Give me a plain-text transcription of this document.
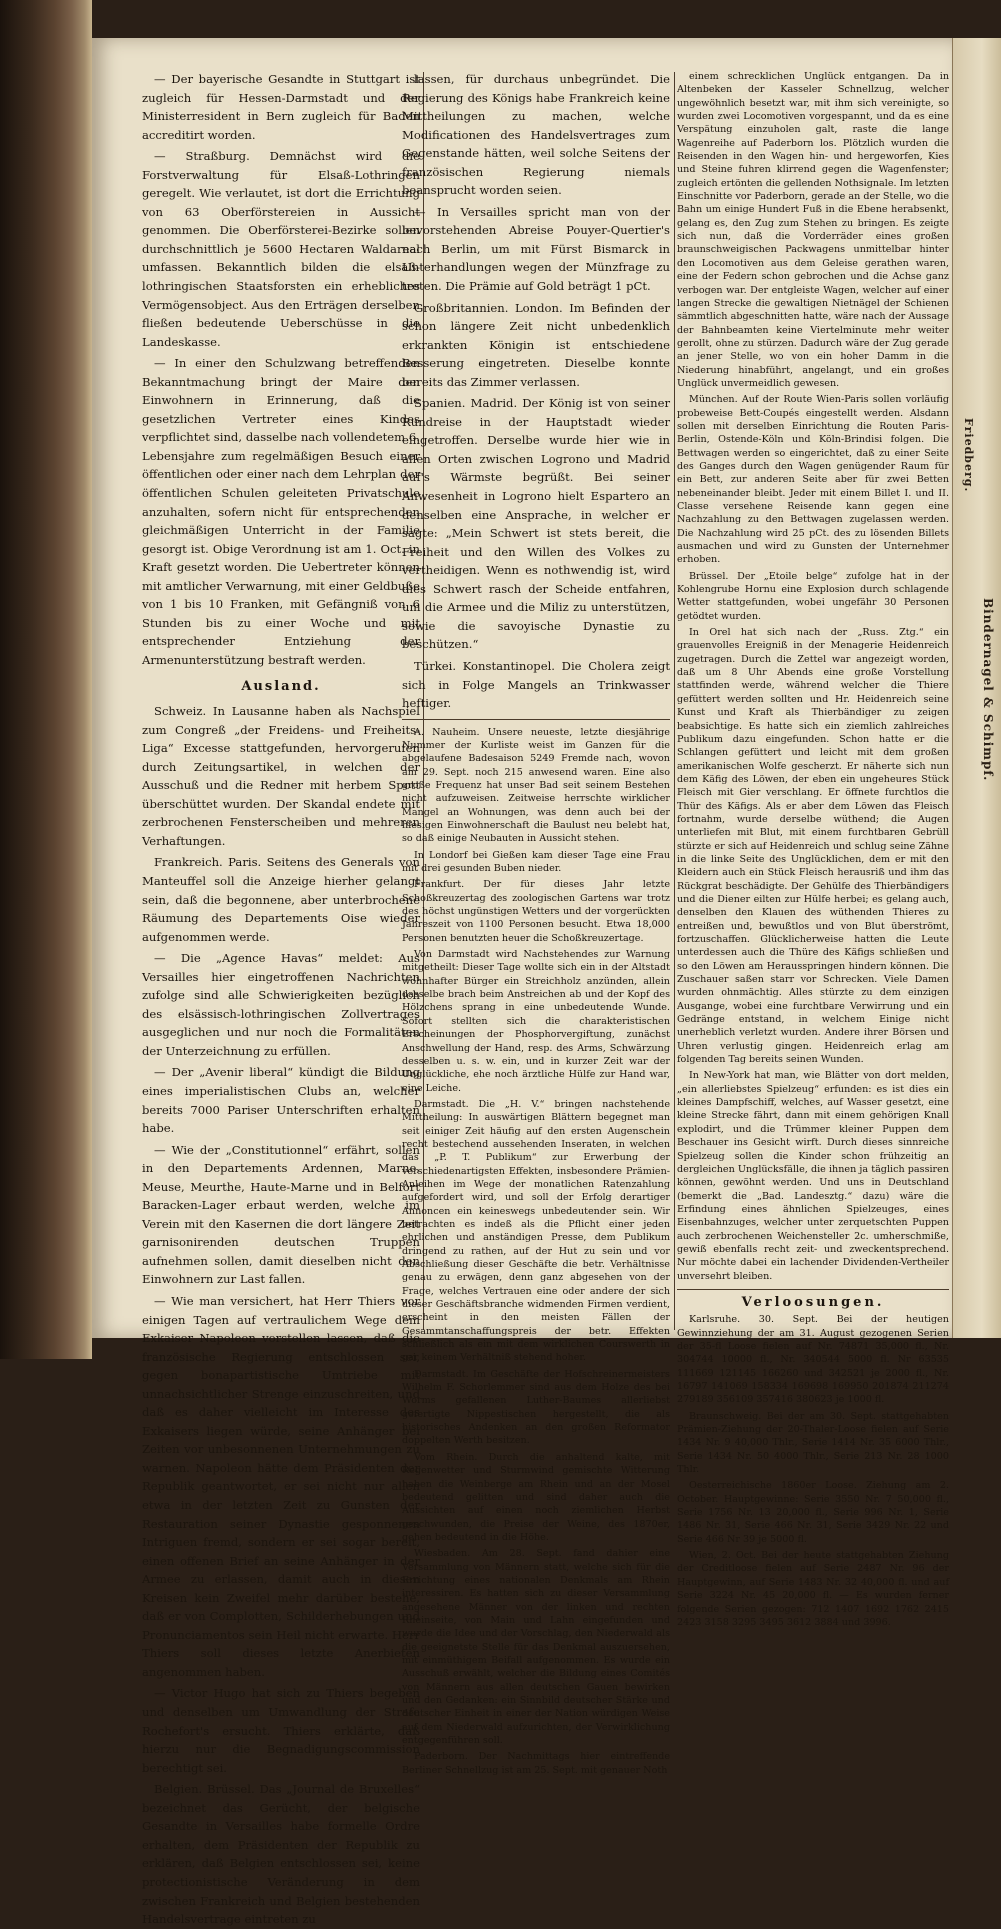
— Der bayerische Gesandte in Stuttgart ist zugleich für Hessen-Darmstadt und der Ministerresident in Bern zugleich für Baden accreditirt worden.

— Straßburg. Demnächst wird die Forstverwaltung für Elsaß-Lothringen geregelt. Wie verlautet, ist dort die Errichtung von 63 Oberförstereien in Aussicht genommen. Die Oberförsterei-Bezirke sollen durchschnittlich je 5600 Hectaren Waldareal umfassen. Bekanntlich bilden die elsaß-lothringischen Staatsforsten ein erhebliches Vermögensobject. Aus den Erträgen derselben fließen bedeutende Ueberschüsse in die Landeskasse.

— In einer den Schulzwang betreffenden Bekanntmachung bringt der Maire den Einwohnern in Erinnerung, daß die gesetzlichen Vertreter eines Kindes verpflichtet sind, dasselbe nach vollendetem 6. Lebensjahre zum regelmäßigen Besuch einer öffentlichen oder einer nach dem Lehrplan der öffentlichen Schulen geleiteten Privatschule anzuhalten, sofern nicht für entsprechenden gleichmäßigen Unterricht in der Familie gesorgt ist. Obige Verordnung ist am 1. Oct. in Kraft gesetzt worden. Die Uebertreter können mit amtlicher Verwarnung, mit einer Geldbuße von 1 bis 10 Franken, mit Gefängniß von 6 Stunden bis zu einer Woche und mit entsprechender Entziehung der Armenunterstützung bestraft werden.

Ausland.

Schweiz. In Lausanne haben als Nachspiel zum Congreß „der Freidens- und Freiheits-Liga“ Excesse stattgefunden, hervorgerufen durch Zeitungsartikel, in welchen der Ausschuß und die Redner mit herbem Spott überschüttet wurden. Der Skandal endete mit zerbrochenen Fensterscheiben und mehreren Verhaftungen.

Frankreich. Paris. Seitens des Generals von Manteuffel soll die Anzeige hierher gelangt sein, daß die begonnene, aber unterbrochene Räumung des Departements Oise wieder aufgenommen werde.

— Die „Agence Havas“ meldet: Aus Versailles hier eingetroffenen Nachrichten zufolge sind alle Schwierigkeiten bezüglich des elsässisch-lothringischen Zollvertrages ausgeglichen und nur noch die Formalitäten der Unterzeichnung zu erfüllen.

— Der „Avenir liberal“ kündigt die Bildung eines imperialistischen Clubs an, welcher bereits 7000 Pariser Unterschriften erhalten habe.

— Wie der „Constitutionnel“ erfährt, sollen in den Departements Ardennen, Marne, Meuse, Meurthe, Haute-Marne und in Belfort Baracken-Lager erbaut werden, welche im Verein mit den Kasernen die dort längere Zeit garnisonirenden deutschen Truppen aufnehmen sollen, damit dieselben nicht den Einwohnern zur Last fallen.

— Wie man versichert, hat Herr Thiers vor einigen Tagen auf vertraulichem Wege dem Exkaiser Napoleon vorstellen lassen, daß die französische Regierung entschlossen sei, gegen bonapartistische Umtriebe mit unnachsichtlicher Strenge einzuschreiten, und daß es daher vielleicht im Interesse des Exkaisers liegen würde, seine Anhänger bei Zeiten vor unbesonnenen Unternehmungen zu warnen. Napoleon hätte dem Präsidenten der Republik geantwortet, er sei nicht nur allen etwa in der letzten Zeit zu Gunsten der Restauration seiner Dynastie gesponnenen Intriguen fremd, sondern er sei sogar bereit, einen offenen Brief an seine Anhänger in der Armee zu erlassen, damit auch in diesen Kreisen kein Zweifel mehr darüber bestehe, daß er von Complotten, Schilderhebungen und Pronunciamentos sein Heil nicht erwarte. Herr Thiers soll dieses letzte Anerbieten angenommen haben.

— Victor Hugo hat sich zu Thiers begeben und denselben um Umwandlung der Strafe Rochefort's ersucht. Thiers erklärte, daß hierzu nur die Begnadigungscommission berechtigt sei.

Belgien. Brüssel. Das „Journal de Bruxelles“ bezeichnet das Gerücht, der belgische Gesandte in Versailles habe formelle Ordre erhalten, dem Präsidenten der Republik zu erklären, daß Belgien entschlossen sei, keine protectionistische Veränderung in dem zwischen Frankreich und Belgien bestehenden Handelsvertrage eintreten zu

lassen, für durchaus unbegründet. Die Regierung des Königs habe Frankreich keine Mittheilungen zu machen, welche Modificationen des Handelsvertrages zum Gegenstande hätten, weil solche Seitens der französischen Regierung niemals beansprucht worden seien.

— In Versailles spricht man von der bevorstehenden Abreise Pouyer-Quertier's nach Berlin, um mit Fürst Bismarck in Unterhandlungen wegen der Münzfrage zu treten. Die Prämie auf Gold beträgt 1 pCt.

Großbritannien. London. Im Befinden der schon längere Zeit nicht unbedenklich erkrankten Königin ist entschiedene Besserung eingetreten. Dieselbe konnte bereits das Zimmer verlassen.

Spanien. Madrid. Der König ist von seiner Rundreise in der Hauptstadt wieder eingetroffen. Derselbe wurde hier wie in allen Orten zwischen Logrono und Madrid auf's Wärmste begrüßt. Bei seiner Anwesenheit in Logrono hielt Espartero an denselben eine Ansprache, in welcher er sagte: „Mein Schwert ist stets bereit, die Freiheit und den Willen des Volkes zu vertheidigen. Wenn es nothwendig ist, wird dies Schwert rasch der Scheide entfahren, um die Armee und die Miliz zu unterstützen, sowie die savoyische Dynastie zu beschützen.“

Türkei. Konstantinopel. Die Cholera zeigt sich in Folge Mangels an Trinkwasser heftiger.

A. Nauheim. Unsere neueste, letzte diesjährige Nummer der Kurliste weist im Ganzen für die abgelaufene Badesaison 5249 Fremde nach, wovon am 29. Sept. noch 215 anwesend waren. Eine also große Frequenz hat unser Bad seit seinem Bestehen nicht aufzuweisen. Zeitweise herrschte wirklicher Mangel an Wohnungen, was denn auch bei der hiesigen Einwohnerschaft die Baulust neu belebt hat, so daß einige Neubauten in Aussicht stehen.

In Londorf bei Gießen kam dieser Tage eine Frau mit drei gesunden Buben nieder.

Frankfurt. Der für dieses Jahr letzte Schoßkreuzertag des zoologischen Gartens war trotz des höchst ungünstigen Wetters und der vorgerückten Jahreszeit von 1100 Personen besucht. Etwa 18,000 Personen benutzten heuer die Schoßkreuzertage.

Von Darmstadt wird Nachstehendes zur Warnung mitgetheilt: Dieser Tage wollte sich ein in der Altstadt wohnhafter Bürger ein Streichholz anzünden, allein dasselbe brach beim Anstreichen ab und der Kopf des Hölzchens sprang in eine unbedeutende Wunde. Sofort stellten sich die charakteristischen Erscheinungen der Phosphorvergiftung, zunächst Anschwellung der Hand, resp. des Arms, Schwärzung desselben u. s. w. ein, und in kurzer Zeit war der Unglückliche, ehe noch ärztliche Hülfe zur Hand war, eine Leiche.

Darmstadt. Die „H. V.“ bringen nachstehende Mittheilung: In auswärtigen Blättern begegnet man seit einiger Zeit häufig auf den ersten Augenschein recht bestechend aussehenden Inseraten, in welchen das „P. T. Publikum“ zur Erwerbung der verschiedenartigsten Effekten, insbesondere Prämien-Anleihen im Wege der monatlichen Ratenzahlung aufgefordert wird, und soll der Erfolg derartiger Annoncen ein keineswegs unbedeutender sein. Wir betrachten es indeß als die Pflicht einer jeden ehrlichen und anständigen Presse, dem Publikum dringend zu rathen, auf der Hut zu sein und vor Abschließung dieser Geschäfte die betr. Verhältnisse genau zu erwägen, denn ganz abgesehen von der Frage, welches Vertrauen eine oder andere der sich dieser Geschäftsbranche widmenden Firmen verdient, erscheint in den meisten Fällen der Gesammtanschaffungspreis der betr. Effekten schließlich als ein mit dem wirklichen Courswerth in gar keinem Verhältniß stehend hoher.

Darmstadt. Im Geschäfte der Hofschreinermeisters Wilhelm F. Schorlemmer sind aus dem Holze des bei Worms gefallenen Luther-Baumes allerliebst gefertigte Nippestischen hergestellt, die als historisches Andenken an den großen Reformator doppelten Werth besitzen.

Vom Rhein. Durch die anhaltend kalte, mit Regenwetter und Sturmwind gemischte Witterung haben die Weinberge am Rhein und an der Mosel bedeutend gelitten und sind daher auch die Aussichten auf einen noch ziemlichen Herbst geschwunden, die Preise der Weine, des 1870er, gehen bedeutend in die Höhe.

Wiesbaden. Am 28. Sept. fand dahier eine Versammlung von Männern statt, welche sich für die Errichtung eines nationalen Denkmals am Rhein interessiren. Es hatten sich zu dieser Versammlung angesehene Männer von der linken und rechten Rheinseite, von Main und Lahn eingefunden und wurde die Idee und der Vorschlag, den Niederwald als die geeignetste Stelle für das Denkmal auszuersehen, mit einmüthigem Beifall aufgenommen. Es wurde ein Ausschuß erwählt, welcher die Bildung eines Comités von Männern aus allen deutschen Gauen bewirken und den Gedanken: ein Sinnbild deutscher Stärke und deutscher Einheit in einer der Nation würdigen Weise auf dem Niederwald aufzurichten, der Verwirklichung entgegenführen soll.

Paderborn. Der Nachmittags hier eintreffende Berliner Schnellzug ist am 25. Sept. mit genauer Noth

einem schrecklichen Unglück entgangen. Da in Altenbeken der Kasseler Schnellzug, welcher ungewöhnlich besetzt war, mit ihm sich vereinigte, so wurden zwei Locomotiven vorgespannt, und da es eine Verspätung einzuholen galt, raste die lange Wagenreihe auf Paderborn los. Plötzlich wurden die Reisenden in den Wagen hin- und hergeworfen, Kies und Steine fuhren klirrend gegen die Wagenfenster; zugleich ertönten die gellenden Nothsignale. Im letzten Einschnitte vor Paderborn, gerade an der Stelle, wo die Bahn um einige Hundert Fuß in die Ebene herabsenkt, gelang es, den Zug zum Stehen zu bringen. Es zeigte sich nun, daß die Vorderräder eines großen braunschweigischen Packwagens unmittelbar hinter den Locomotiven aus dem Geleise gerathen waren, eine der Federn schon gebrochen und die Achse ganz verbogen war. Der entgleiste Wagen, welcher auf einer langen Strecke die gewaltigen Nietnägel der Schienen sämmtlich abgeschnitten hatte, wäre nach der Aussage der Bahnbeamten keine Viertelminute mehr weiter gerollt, ohne zu stürzen. Dadurch wäre der Zug gerade an jener Stelle, wo von ein hoher Damm in die Niederung hinabführt, angelangt, und ein großes Unglück unvermeidlich gewesen.

München. Auf der Route Wien-Paris sollen vorläufig probeweise Bett-Coupés eingestellt werden. Alsdann sollen mit derselben Einrichtung die Routen Paris-Berlin, Ostende-Köln und Köln-Brindisi folgen. Die Bettwagen werden so eingerichtet, daß zu einer Seite des Ganges durch den Wagen genügender Raum für ein Bett, zur anderen Seite aber für zwei Betten nebeneinander bleibt. Jeder mit einem Billet I. und II. Classe versehene Reisende kann gegen eine Nachzahlung zu den Bettwagen zugelassen werden. Die Nachzahlung wird 25 pCt. des zu lösenden Billets ausmachen und wird zu Gunsten der Unternehmer erhoben.

Brüssel. Der „Etoile belge“ zufolge hat in der Kohlengrube Hornu eine Explosion durch schlagende Wetter stattgefunden, wobei ungefähr 30 Personen getödtet wurden.

In Orel hat sich nach der „Russ. Ztg.“ ein grauenvolles Ereigniß in der Menagerie Heidenreich zugetragen. Durch die Zettel war angezeigt worden, daß um 8 Uhr Abends eine große Vorstellung stattfinden werde, während welcher die Thiere gefüttert werden sollten und Hr. Heidenreich seine Kunst und Kraft als Thierbändiger zu zeigen beabsichtige. Es hatte sich ein ziemlich zahlreiches Publikum dazu eingefunden. Schon hatte er die Schlangen gefüttert und leicht mit dem großen amerikanischen Wolfe gescherzt. Er näherte sich nun dem Käfig des Löwen, der eben ein ungeheures Stück Fleisch mit Gier verschlang. Er öffnete furchtlos die Thür des Käfigs. Als er aber dem Löwen das Fleisch fortnahm, wurde derselbe wüthend; die Augen unterliefen mit Blut, mit einem furchtbaren Gebrüll stürzte er sich auf Heidenreich und schlug seine Zähne in die linke Seite des Unglücklichen, dem er mit den Kleidern auch ein Stück Fleisch herausriß und ihm das Rückgrat beschädigte. Der Gehülfe des Thierbändigers und die Diener eilten zur Hülfe herbei; es gelang auch, denselben den Klauen des wüthenden Thieres zu entreißen und, bewußtlos und von Blut überströmt, fortzuschaffen. Glücklicherweise hatten die Leute unterdessen auch die Thüre des Käfigs schließen und so den Löwen am Herausspringen hindern können. Die Zuschauer saßen starr vor Schrecken. Viele Damen wurden ohnmächtig. Alles stürzte zu dem einzigen Ausgange, wobei eine furchtbare Verwirrung und ein Gedränge entstand, in welchem Einige nicht unerheblich verletzt wurden. Andere ihrer Börsen und Uhren verlustig gingen. Heidenreich erlag am folgenden Tag bereits seinen Wunden.

In New-York hat man, wie Blätter von dort melden, „ein allerliebstes Spielzeug“ erfunden: es ist dies ein kleines Dampfschiff, welches, auf Wasser gesetzt, eine kleine Strecke fährt, dann mit einem gehörigen Knall explodirt, und die Trümmer kleiner Puppen dem Beschauer ins Gesicht wirft. Durch dieses sinnreiche Spielzeug sollen die Kinder schon frühzeitig an dergleichen Unglücksfälle, die ihnen ja täglich passiren können, gewöhnt werden. Und uns in Deutschland (bemerkt die „Bad. Landesztg.“ dazu) wäre die Erfindung eines ähnlichen Spielzeuges, eines Eisenbahnzuges, welcher unter zerquetschten Puppen auch zerbrochenen Weichensteller 2c. umherschmiße, gewiß ebenfalls recht zeit- und zweckentsprechend. Nur möchte dabei ein lachender Dividenden-Vertheiler unversehrt bleiben.

Verloosungen.

Karlsruhe. 30. Sept. Bei der heutigen Gewinnziehung der am 31. August gezogenen Serien der 35-fl Loose fielen auf Nr. 74871 35,000 fl., Nr. 304744 10000 fl., Nr. 340544 5000 fl. Nr 63535 111669 121145 166260 und 342521 je 2000 fl., Nr. 16797 141069 158334 169698 169950 201874 211274 279189 356109 357416 380623 je 1000 fl.

Braunschweig. Bei der am 30. Sept. stattgehabten Prämien-Ziehung der 20-Thaler-Loose fielen auf Serie 1434 Nr. 9 40,000 Thlr., Serie 1414 Nr. 35 6000 Thlr., Serie 1434 Nr. 50 4000 Thlr., Serie 213 Nr. 28 1000 Thlr.

Oesterreichische 1860er Loose. Ziehung am 2. October. Hauptgewinne: Serie 3550 Nr. 7 50,000 fl., Serie 1756 Nr. 13 20,000 fl., Serie 996 Nr. 1, Serie 1486 Nr. 31, Serie 466 Nr. 31, Serie 3429 Nr. 22 und Serie 466 Nr 39 je 5000 fl.

Wien, 2. Oct. Bei der heute stattgehabten Ziehung der Creditloose fielen auf Serie 2487 Nr. 96 der Hauptgewinn, auf Serie 1483 Nr. 32 40,000 fl. und auf Serie 3224 Nr. 45 20,000 fl. — Es wurden ferner folgende Serien gezogen: 712 1407 1692 1762 2415 2423 3158 3295 3495 3612 3884 und 3996.

Friedberg.
Bindernagel & Schimpf.
